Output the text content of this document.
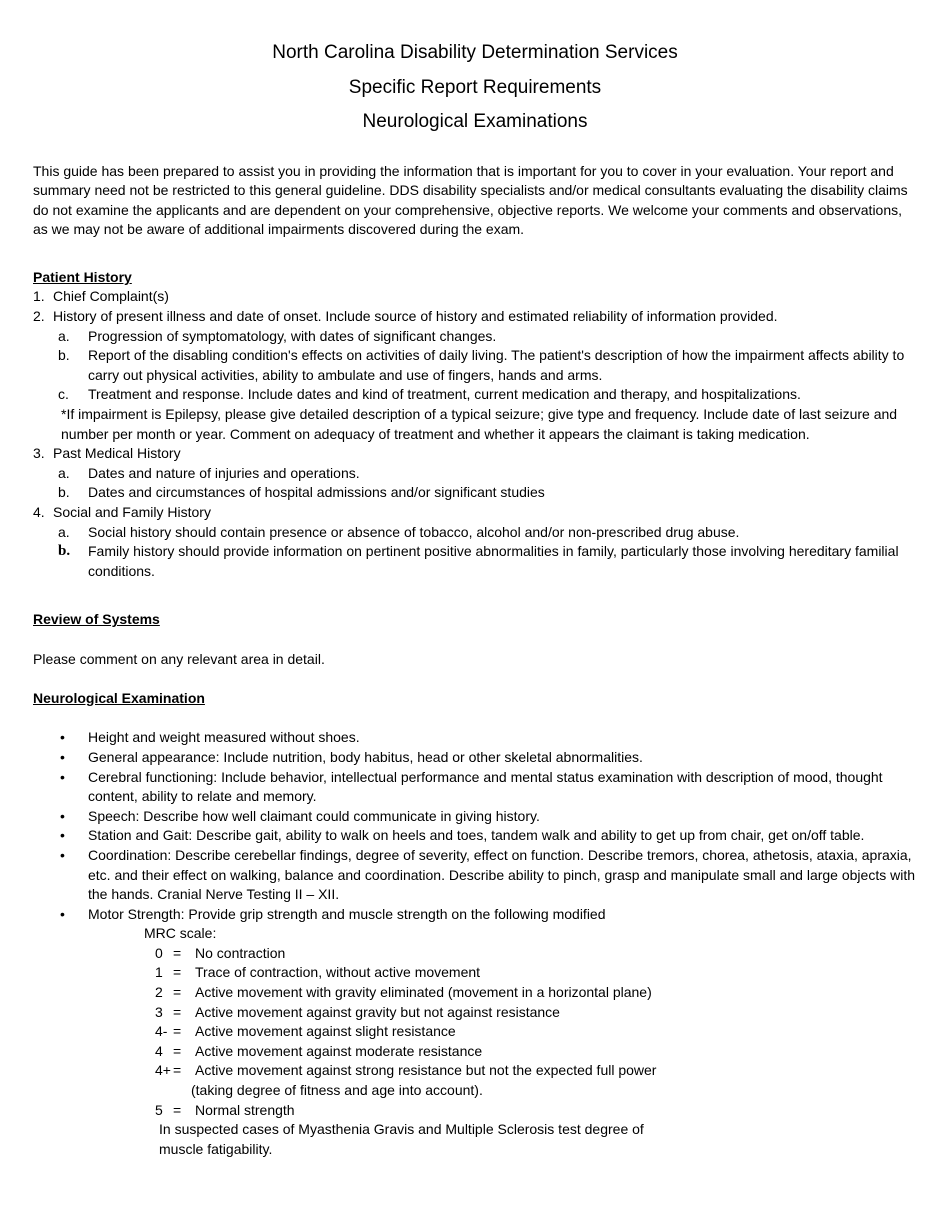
North Carolina Disability Determination Services
Specific Report Requirements
Neurological Examinations
This guide has been prepared to assist you in providing the information that is important for you to cover in your evaluation. Your report and summary need not be restricted to this general guideline. DDS disability specialists and/or medical consultants evaluating the disability claims do not examine the applicants and are dependent on your comprehensive, objective reports. We welcome your comments and observations, as we may not be aware of additional impairments discovered during the exam.
Patient History
1. Chief Complaint(s)
2. History of present illness and date of onset. Include source of history and estimated reliability of information provided.
a.	Progression of symptomatology, with dates of significant changes.
b.	Report of the disabling condition's effects on activities of daily living. The patient's description of how the impairment affects ability to carry out physical activities, ability to ambulate and use of fingers, hands and arms.
c.	Treatment and response. Include dates and kind of treatment, current medication and therapy, and hospitalizations.
*If impairment is Epilepsy, please give detailed description of a typical seizure; give type and frequency. Include date of last seizure and number per month or year. Comment on adequacy of treatment and whether it appears the claimant is taking medication.
3. Past Medical History
a.	Dates and nature of injuries and operations.
b.	Dates and circumstances of hospital admissions and/or significant studies
4. Social and Family History
a.	Social history should contain presence or absence of tobacco, alcohol and/or non-prescribed drug abuse.
b.	Family history should provide information on pertinent positive abnormalities in family, particularly those involving hereditary familial conditions.
Review of Systems
Please comment on any relevant area in detail.
Neurological Examination
•	Height and weight measured without shoes.
•	General appearance: Include nutrition, body habitus, head or other skeletal abnormalities.
•	Cerebral functioning: Include behavior, intellectual performance and mental status examination with description of mood, thought content, ability to relate and memory.
•	Speech: Describe how well claimant could communicate in giving history.
•	Station and Gait: Describe gait, ability to walk on heels and toes, tandem walk and ability to get up from chair, get on/off table.
•	Coordination: Describe cerebellar findings, degree of severity, effect on function. Describe tremors, chorea, athetosis, ataxia, apraxia, etc. and their effect on walking, balance and coordination. Describe ability to pinch, grasp and manipulate small and large objects with the hands. Cranial Nerve Testing II – XII.
•	Motor Strength: Provide grip strength and muscle strength on the following modified
MRC scale:
0 = No contraction
1 = Trace of contraction, without active movement
2 = Active movement with gravity eliminated (movement in a horizontal plane)
3 = Active movement against gravity but not against resistance
4- = Active movement against slight resistance
4 = Active movement against moderate resistance
4+ = Active movement against strong resistance but not the expected full power
(taking degree of fitness and age into account).
5 = Normal strength
In suspected cases of Myasthenia Gravis and Multiple Sclerosis test degree of
muscle fatigability.
